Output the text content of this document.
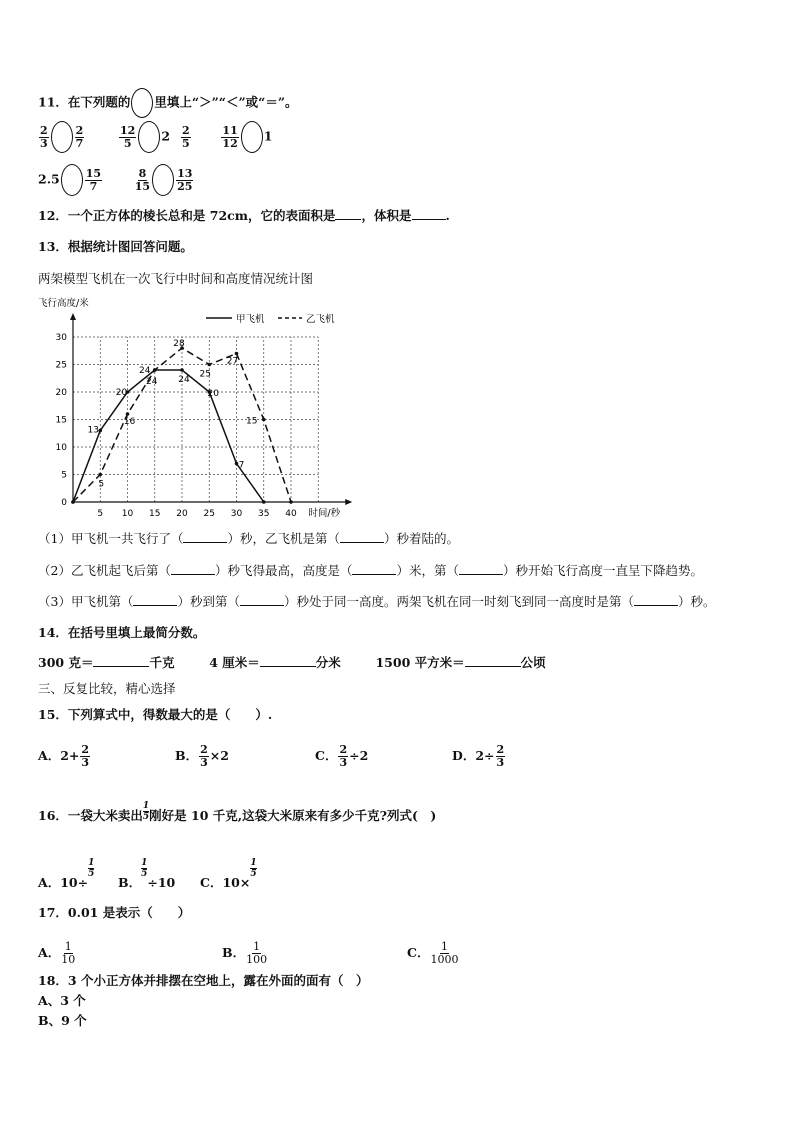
11．在下列题的 里填上“＞”“＜”或“＝”。
$\frac{2}{3} \frac{2}{7}$
	$\frac{12}{5} 2 \frac{2}{5}$
	$\frac{11}{12} 1$
$2.5 \frac{15}{7}$
	$\frac{8}{15} \frac{13}{25}$
12．一个正方体的棱长总和是 72cm，它的表面积是 ，体积是	.
13．根据统计图回答问题。
两架模型飞机在一次飞行中时间和高度情况统计图
5 10 15 20 25 30 35 40
0
5
10
15
20
25
30
时间/秒
飞行高度/米
甲飞机	乙飞机
13
20
24
24
20
7
5
16
24
28
25
27
15
（1）甲飞机一共飞行了（	）秒，乙飞机是第（	）秒着陆的。
（2）乙飞机起飞后第（	）秒飞得最高，高度是（	）米，第（	）秒开始飞行高度一直呈下降趋势。
（3）甲飞机第（	）秒到第（	）秒处于同一高度。两架飞机在同一时刻飞到同一高度时是第（	）秒。
14．在括号里填上最简分数。
300 克＝	千克	4 厘米＝	分米	1500 平方米＝	公顷
三、反复比较，精心选择
15．下列算式中，得数最大的是（　　）.
A．$2+ \frac{2}{3}$	B． $\frac{2}{3} \times 2$	C． $\frac{2}{3} \div 2$	D．$2\div \frac{2}{3}$
16．一袋大米卖出 $\frac{1}{5}$ 刚好是 10 千克,这袋大米原来有多少千克?列式(　)
A．10÷
$\frac{1}{5}$
B．
$\frac{1}{5}$
÷10 C．10×
$\frac{1}{5}$
17．0.01 是表示（　　）
A． $\frac{1}{10}$	B． $\frac{1}{100}$	C． $\frac{1}{1000}$
18．3 个小正方体并排摆在空地上，露在外面的面有（　）
A、3 个
B、9 个
